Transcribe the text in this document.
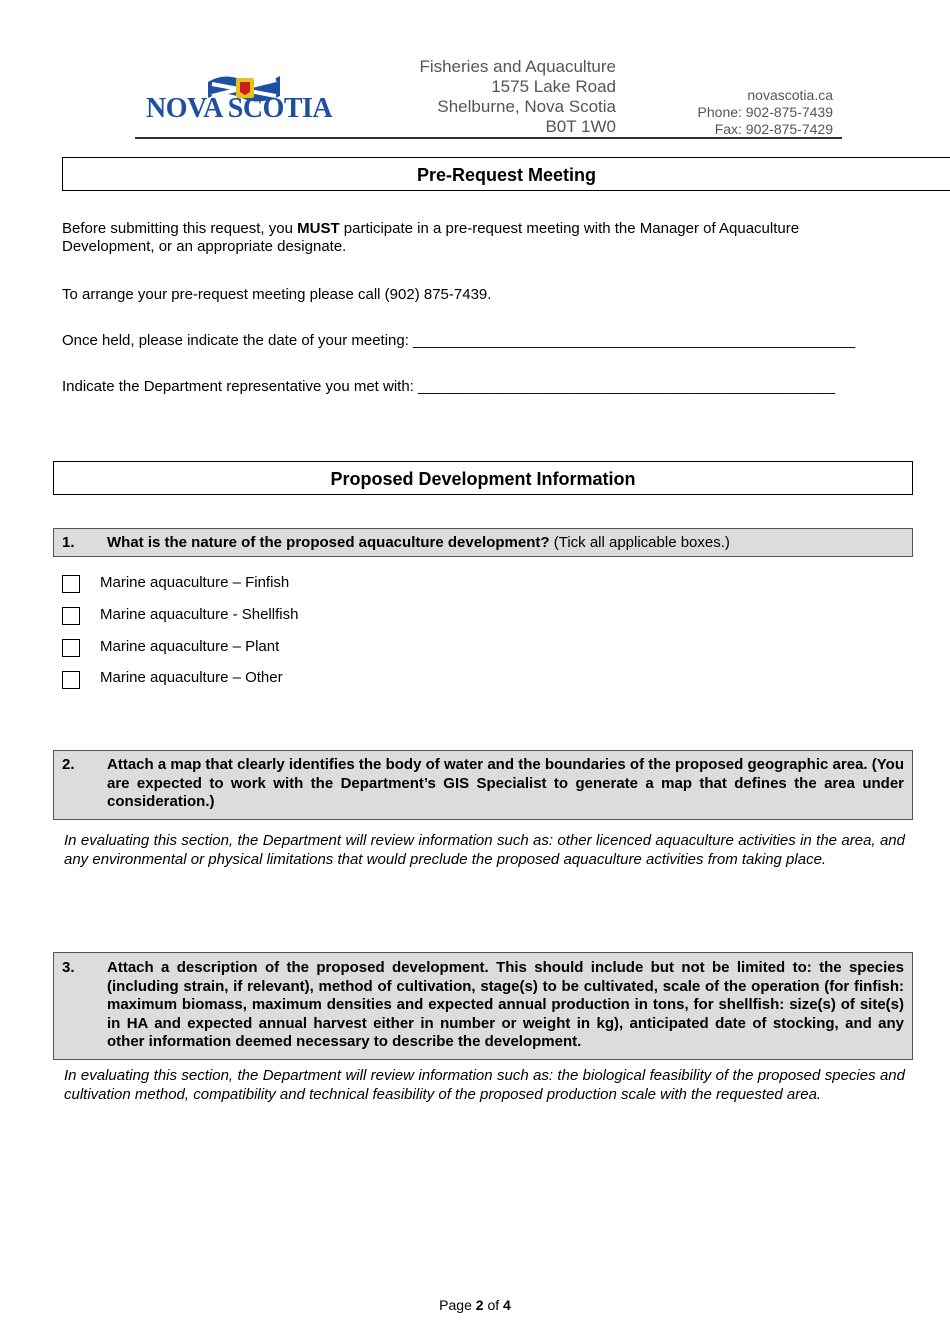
NOVA SCOTIA
Fisheries and Aquaculture
1575 Lake Road
Shelburne, Nova Scotia
B0T 1W0
novascotia.ca
Phone: 902-875-7439
Fax: 902-875-7429
Pre-Request Meeting
Before submitting this request, you MUST participate in a pre-request meeting with the Manager of Aquaculture Development, or an appropriate designate.
To arrange your pre-request meeting please call (902) 875-7439.
Once held, please indicate the date of your meeting: _____________________________________________________
Indicate the Department representative you met with: __________________________________________________
Proposed Development Information
1. What is the nature of the proposed aquaculture development? (Tick all applicable boxes.)
Marine aquaculture – Finfish
Marine aquaculture - Shellfish
Marine aquaculture – Plant
Marine aquaculture – Other
2. Attach a map that clearly identifies the body of water and the boundaries of the proposed geographic area. (You are expected to work with the Department’s GIS Specialist to generate a map that defines the area under consideration.)
In evaluating this section, the Department will review information such as: other licenced aquaculture activities in the area, and any environmental or physical limitations that would preclude the proposed aquaculture activities from taking place.
3. Attach a description of the proposed development. This should include but not be limited to: the species (including strain, if relevant), method of cultivation, stage(s) to be cultivated, scale of the operation (for finfish: maximum biomass, maximum densities and expected annual production in tons, for shellfish: size(s) of site(s) in HA and expected annual harvest either in number or weight in kg), anticipated date of stocking, and any other information deemed necessary to describe the development.
In evaluating this section, the Department will review information such as: the biological feasibility of the proposed species and cultivation method, compatibility and technical feasibility of the proposed production scale with the requested area.
Page 2 of 4
